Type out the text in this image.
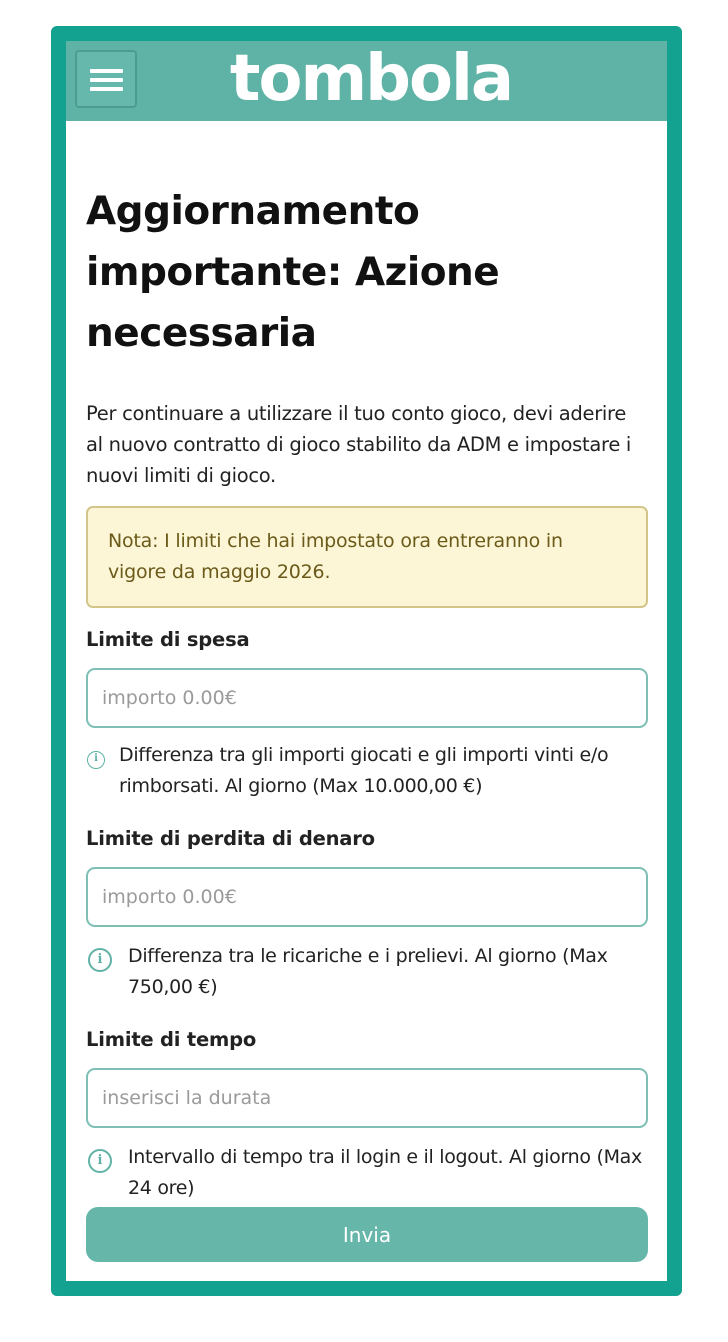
tombola
Aggiornamento importante: Azione necessaria

Per continuare a utilizzare il tuo conto gioco, devi aderire al nuovo contratto di gioco stabilito da ADM e impostare i nuovi limiti di gioco.

Nota: I limiti che hai impostato ora entreranno in vigore da maggio 2026.
Limite di spesa
importo 0.00€
i	Differenza tra gli importi giocati e gli importi vinti e/o rimborsati. Al giorno (Max 10.000,00 €)
Limite di perdita di denaro
importo 0.00€
i	Differenza tra le ricariche e i prelievi. Al giorno (Max 750,00 €)
Limite di tempo
inserisci la durata
i	Intervallo di tempo tra il login e il logout. Al giorno (Max 24 ore)
Invia
